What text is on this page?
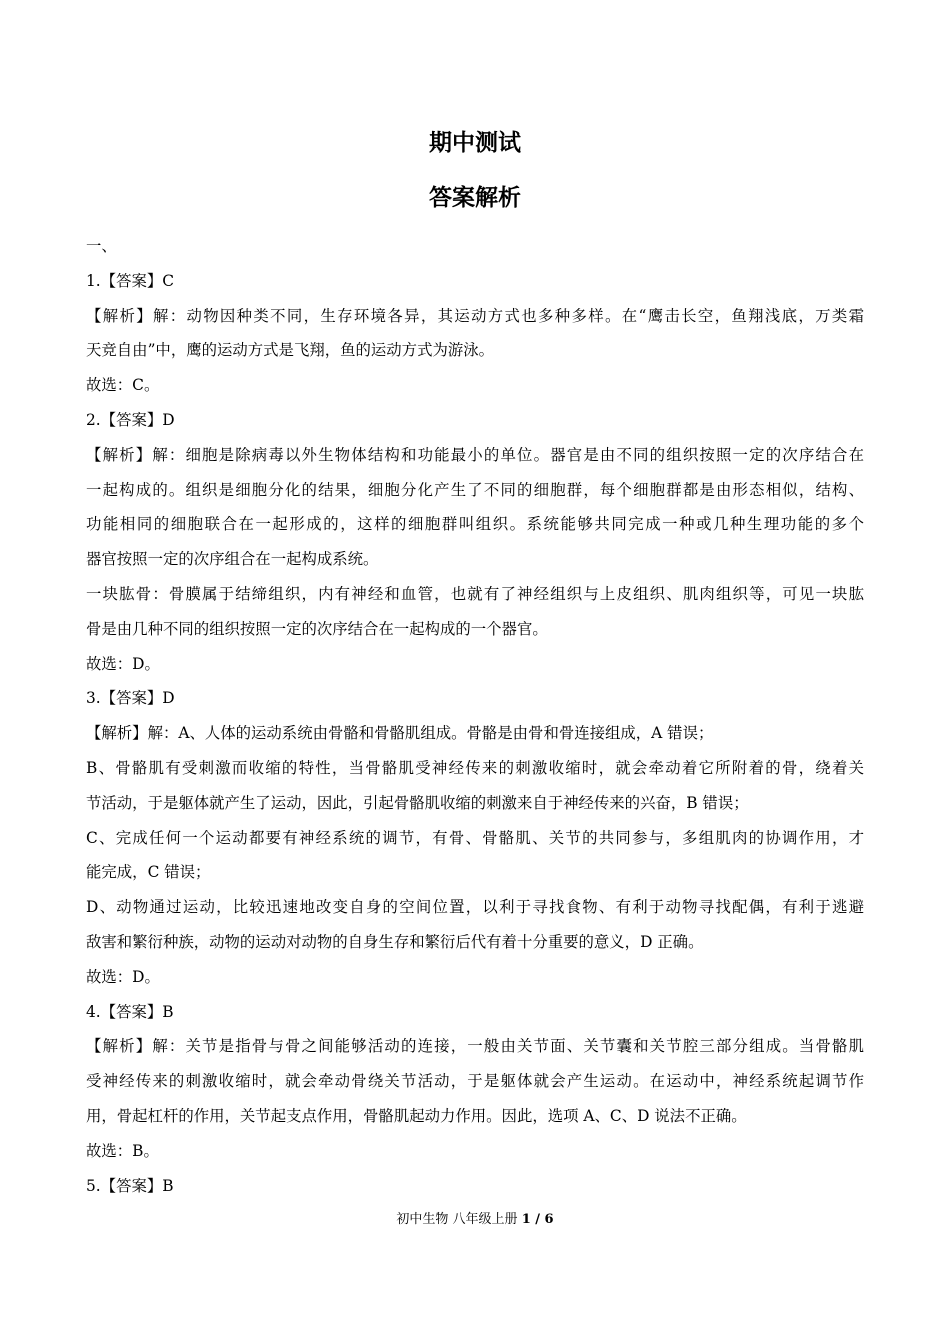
期中测试
答案解析
一、
1.【答案】C
【解析】解：动物因种类不同，生存环境各异，其运动方式也多种多样。在“鹰击长空，鱼翔浅底，万类霜
天竞自由”中，鹰的运动方式是飞翔，鱼的运动方式为游泳。
故选：C。
2.【答案】D
【解析】解：细胞是除病毒以外生物体结构和功能最小的单位。器官是由不同的组织按照一定的次序结合在
一起构成的。组织是细胞分化的结果，细胞分化产生了不同的细胞群，每个细胞群都是由形态相似，结构、
功能相同的细胞联合在一起形成的，这样的细胞群叫组织。系统能够共同完成一种或几种生理功能的多个
器官按照一定的次序组合在一起构成系统。
一块肱骨：骨膜属于结缔组织，内有神经和血管，也就有了神经组织与上皮组织、肌肉组织等，可见一块肱
骨是由几种不同的组织按照一定的次序结合在一起构成的一个器官。
故选：D。
3.【答案】D
【解析】解：A、人体的运动系统由骨骼和骨骼肌组成。骨骼是由骨和骨连接组成，A 错误；
B、骨骼肌有受刺激而收缩的特性，当骨骼肌受神经传来的刺激收缩时，就会牵动着它所附着的骨，绕着关
节活动，于是躯体就产生了运动，因此，引起骨骼肌收缩的刺激来自于神经传来的兴奋，B 错误；
C、完成任何一个运动都要有神经系统的调节，有骨、骨骼肌、关节的共同参与，多组肌肉的协调作用，才
能完成，C 错误；
D、动物通过运动，比较迅速地改变自身的空间位置，以利于寻找食物、有利于动物寻找配偶，有利于逃避
敌害和繁衍种族，动物的运动对动物的自身生存和繁衍后代有着十分重要的意义，D 正确。
故选：D。
4.【答案】B
【解析】解：关节是指骨与骨之间能够活动的连接，一般由关节面、关节囊和关节腔三部分组成。当骨骼肌
受神经传来的刺激收缩时，就会牵动骨绕关节活动，于是躯体就会产生运动。在运动中，神经系统起调节作
用，骨起杠杆的作用，关节起支点作用，骨骼肌起动力作用。因此，选项 A、C、D 说法不正确。
故选：B。
5.【答案】B
初中生物 八年级上册 1 / 6
